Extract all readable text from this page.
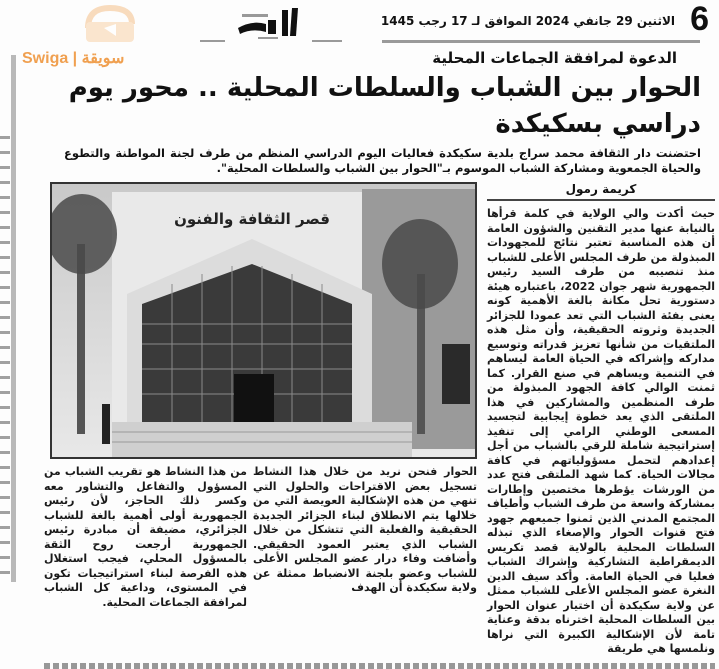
6
الاثنين 29 جانفي 2024 الموافق لـ 17 رجب 1445
Swiga | سويقة	الدعوة لمرافقة الجماعات المحلية
الحوار بين الشباب والسلطات المحلية .. محور يوم دراسي بسكيكدة
احتضنت دار الثقافة محمد سراج بلدية سكيكدة فعاليات اليوم الدراسي المنظم من طرف لجنة المواطنة والتطوع والحياة الجمعوية ومشاركة الشباب الموسوم بـ"الحوار بين الشباب والسلطات المحلية".
كريمة رمول
حيث أكدت والي الولاية في كلمة قرأها بالنيابة عنها مدير التقنين والشؤون العامة أن هذه المناسبة تعتبر نتائج للمجهودات المبذولة من طرف المجلس الأعلى للشباب منذ تنصيبه من طرف السيد رئيس الجمهورية شهر جوان 2022، باعتباره هيئة دستورية تحل مكانة بالغة الأهمية كونه يعنى بفئة الشباب التي تعد عمودا للجزائر الجديدة وثروته الحقيقية، وأن مثل هذه الملتقيات من شأنها تعزيز قدراته وتوسيع مداركه وإشراكه في الحياة العامة ليساهم في التنمية ويساهم في صنع القرار. كما ثمنت الوالي كافة الجهود المبذولة من طرف المنظمين والمشاركين في هذا الملتقى الذي يعد خطوة إيجابية لتجسيد المسعى الوطني الرامي إلى تنفيذ إستراتيجية شاملة للرقي بالشباب من أجل إعدادهم لتحمل مسؤولياتهم في كافة مجالات الحياة. كما شهد الملتقى فتح عدد من الورشات يؤطرها مختصين وإطارات بمشاركة واسعة من طرف الشباب وأطياف المجتمع المدني الذين ثمنوا جميعهم جهود فتح قنوات الحوار والإصغاء الذي تبذله السلطات المحلية بالولاية قصد تكريس الديمقراطية التشاركية وإشراك الشباب فعليا في الحياة العامة. وأكد سيف الدين النغرة عضو المجلس الأعلى للشباب ممثل عن ولاية سكيكدة أن اختيار عنوان الحوار بين السلطات المحلية اخترناه بدقة وعناية تامة لأن الإشكالية الكبيرة التي نراها ونلمسها هي طريقة
قصر الثقافة والفنون
الحوار فنحن نريد من خلال هذا النشاط تسجيل بعض الاقتراحات والحلول التي تنهي من هذه الإشكالية العويصة التي من خلالها يتم الانطلاق لبناء الجزائر الجديدة الحقيقية والفعلية التي تتشكل من خلال الشباب الذي يعتبر العمود الحقيقي. وأضافت وفاء درار عضو المجلس الأعلى للشباب وعضو بلجنة الانضباط ممثلة عن ولاية سكيكدة أن الهدف
من هذا النشاط هو تقريب الشباب من المسؤول والتفاعل والتشاور معه وكسر ذلك الحاجز، لأن رئيس الجمهورية أولى أهمية بالغة للشباب الجزائري، مضيفة أن مبادرة رئيس الجمهورية أرجعت روح الثقة بالمسؤول المحلي، فيجب استغلال هذه الفرصة لبناء استراتيجيات تكون في المستوى، وداعية كل الشباب لمرافقة الجماعات المحلية.
